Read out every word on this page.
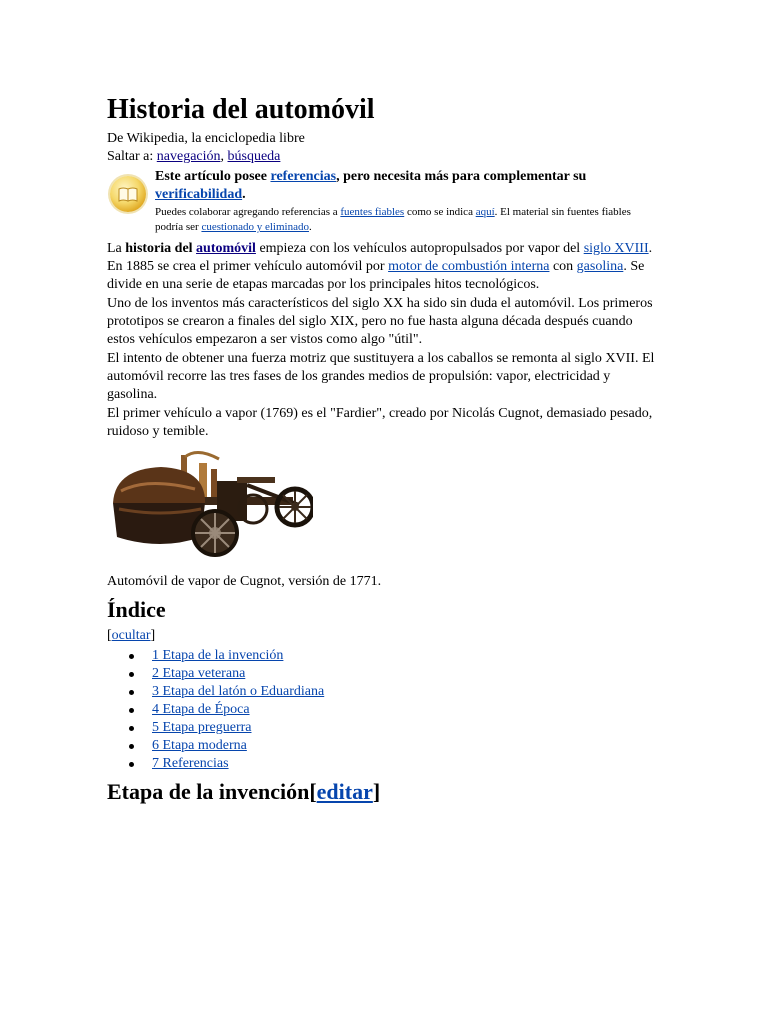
Historia del automóvil
De Wikipedia, la enciclopedia libre
Saltar a: navegación, búsqueda
Este artículo posee referencias, pero necesita más para complementar su verificabilidad.
Puedes colaborar agregando referencias a fuentes fiables como se indica aquí. El material sin fuentes fiables podría ser cuestionado y eliminado.

La historia del automóvil empieza con los vehículos autopropulsados por vapor del siglo XVIII. En 1885 se crea el primer vehículo automóvil por motor de combustión interna con gasolina. Se divide en una serie de etapas marcadas por los principales hitos tecnológicos.

Uno de los inventos más característicos del siglo XX ha sido sin duda el automóvil. Los primeros prototipos se crearon a finales del siglo XIX, pero no fue hasta alguna década después cuando estos vehículos empezaron a ser vistos como algo "útil".

El intento de obtener una fuerza motriz que sustituyera a los caballos se remonta al siglo XVII. El automóvil recorre las tres fases de los grandes medios de propulsión: vapor, electricidad y gasolina.

El primer vehículo a vapor (1769) es el "Fardier", creado por Nicolás Cugnot, demasiado pesado, ruidoso y temible.

Automóvil de vapor de Cugnot, versión de 1771.
Índice
[ocultar]
1 Etapa de la invención
2 Etapa veterana
3 Etapa del latón o Eduardiana
4 Etapa de Época
5 Etapa preguerra
6 Etapa moderna
7 Referencias
Etapa de la invención[editar]
